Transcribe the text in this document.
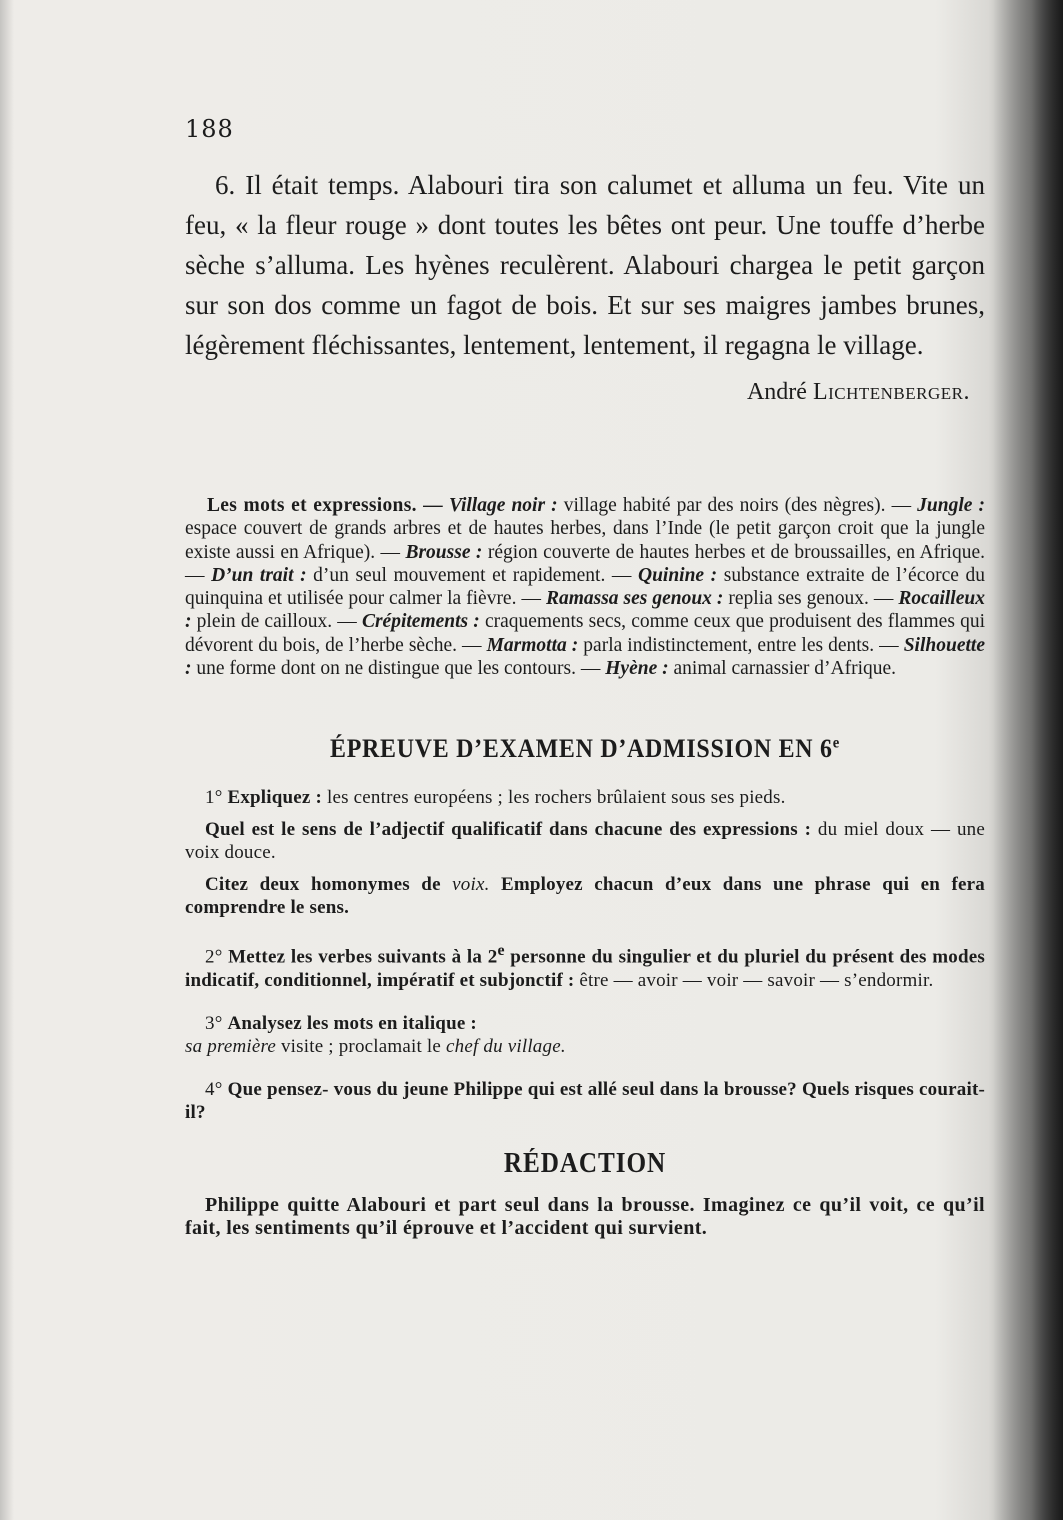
188

6. Il était temps. Alabouri tira son calumet et alluma un feu. Vite un feu, « la fleur rouge » dont toutes les bêtes ont peur. Une touffe d’herbe sèche s’alluma. Les hyènes reculèrent. Alabouri chargea le petit garçon sur son dos comme un fagot de bois. Et sur ses maigres jambes brunes, légèrement fléchissantes, lentement, lentement, il regagna le village.

André Lichtenberger.
Les mots et expressions. — Village noir : village habité par des noirs (des nègres). — Jungle : espace couvert de grands arbres et de hautes herbes, dans l’Inde (le petit garçon croit que la jungle existe aussi en Afrique). — Brousse : région couverte de hautes herbes et de broussailles, en Afrique. — D’un trait : d’un seul mouvement et rapidement. — Quinine : substance extraite de l’écorce du quinquina et utilisée pour calmer la fièvre. — Ramassa ses genoux : replia ses genoux. — Rocailleux : plein de cailloux. — Crépitements : craquements secs, comme ceux que produisent des flammes qui dévorent du bois, de l’herbe sèche. — Marmotta : parla indistinctement, entre les dents. — Silhouette : une forme dont on ne distingue que les contours. — Hyène : animal carnassier d’Afrique.
ÉPREUVE D’EXAMEN D’ADMISSION EN 6e

1° Expliquez : les centres européens ; les rochers brûlaient sous ses pieds.

Quel est le sens de l’adjectif qualificatif dans chacune des expressions : du miel doux — une voix douce.

Citez deux homonymes de voix. Employez chacun d’eux dans une phrase qui en fera comprendre le sens.

2° Mettez les verbes suivants à la 2e personne du singulier et du pluriel du présent des modes indicatif, conditionnel, impératif et subjonctif : être — avoir — voir — savoir — s’endormir.

3° Analysez les mots en italique :
sa première visite ; proclamait le chef du village.

4° Que pensez- vous du jeune Philippe qui est allé seul dans la brousse? Quels risques courait-il?

RÉDACTION

Philippe quitte Alabouri et part seul dans la brousse. Imaginez ce qu’il voit, ce qu’il fait, les sentiments qu’il éprouve et l’accident qui survient.
